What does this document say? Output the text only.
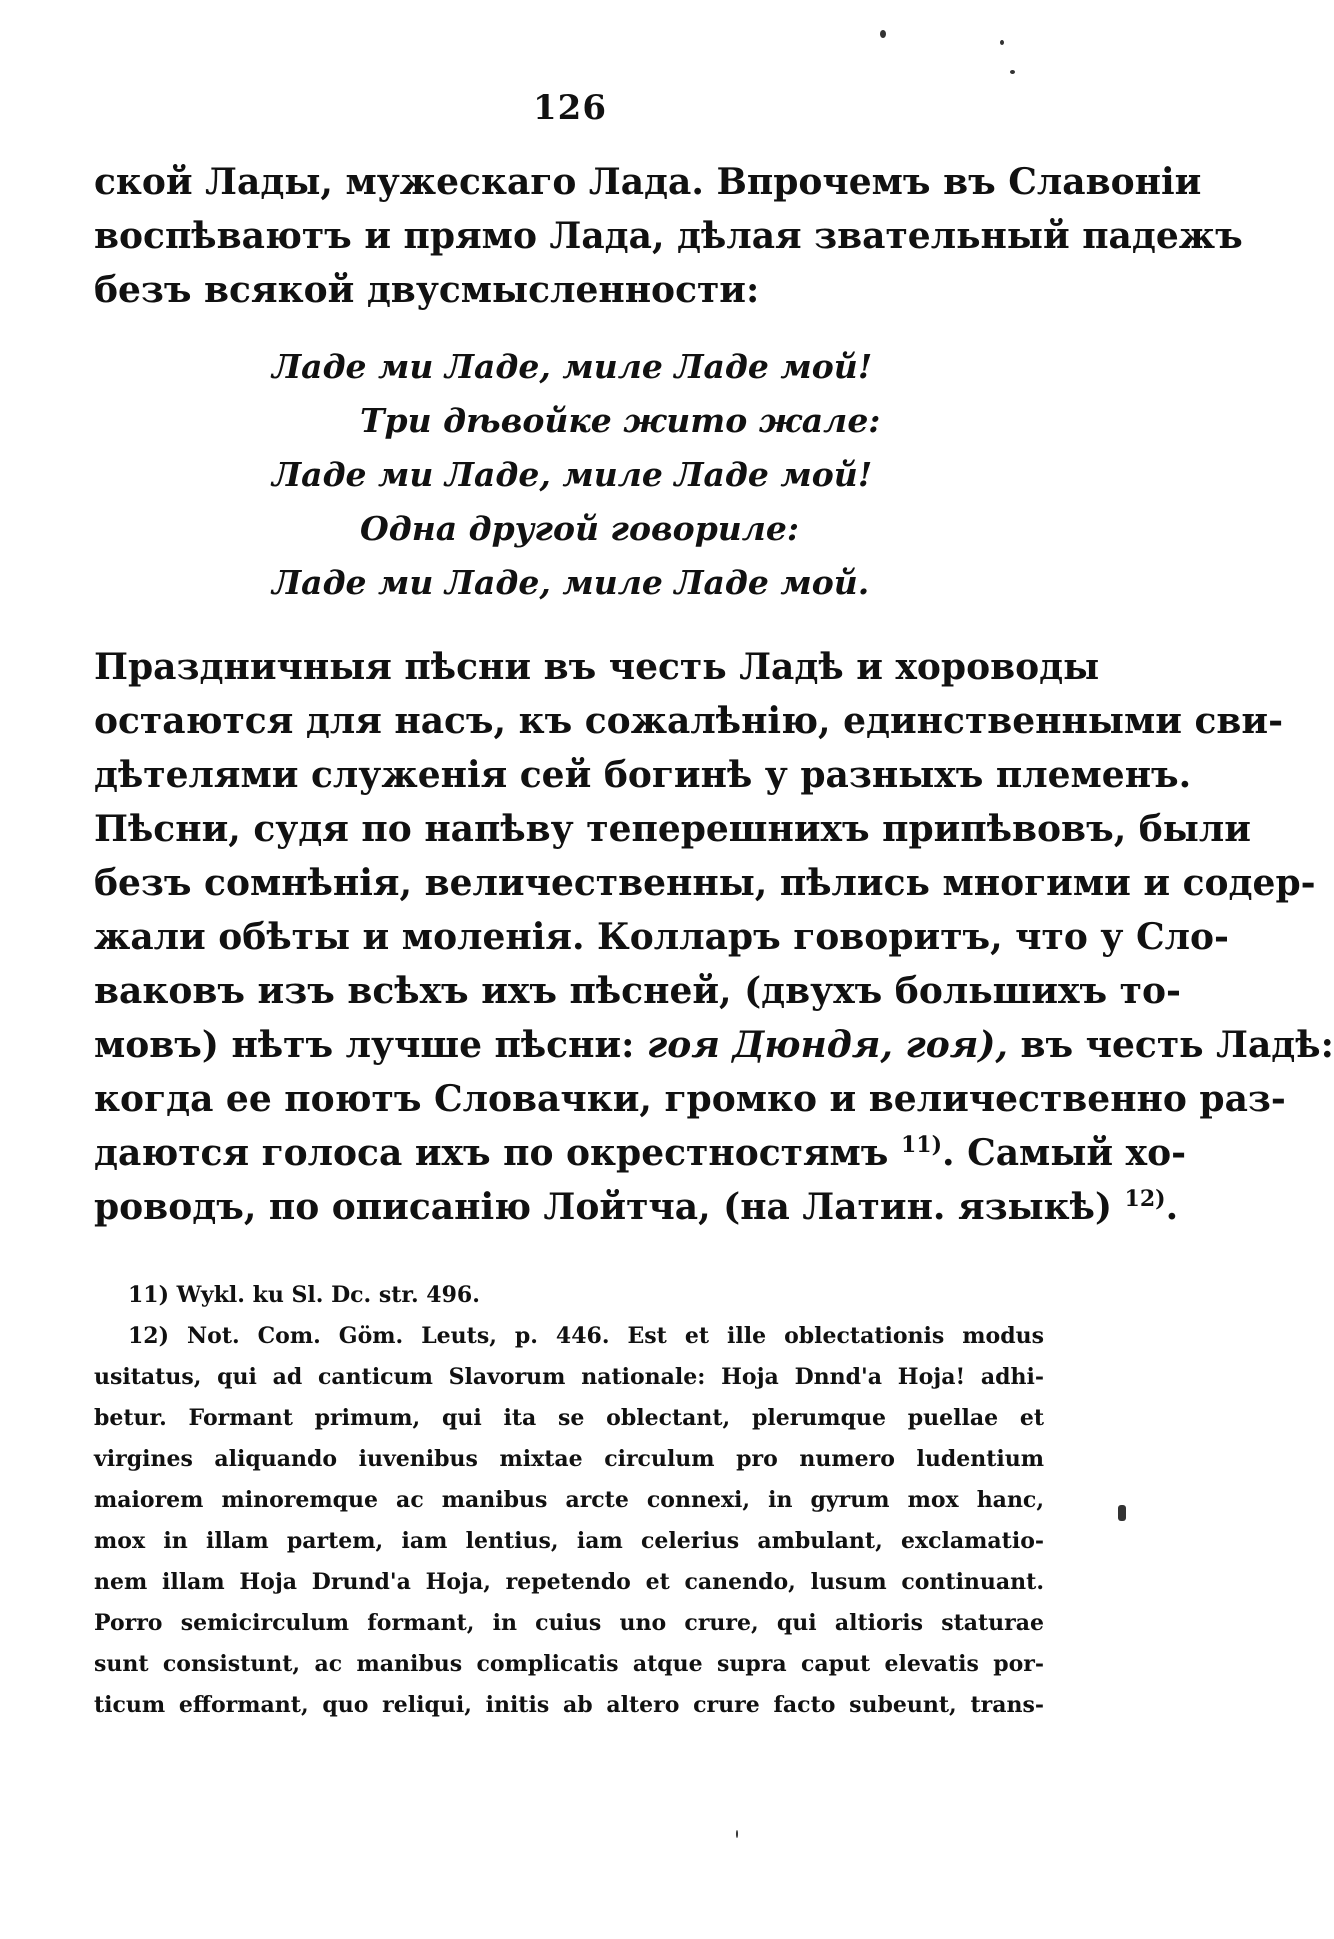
126
ской Лады, мужескаго Лада. Впрочемъ въ Славоніи
воспѣваютъ и прямо Лада, дѣлая звательный падежъ
безъ всякой двусмысленности:
Ладе ми Ладе, миле Ладе мой!
Три дѣвойке жито жале:
Ладе ми Ладе, миле Ладе мой!
Одна другой говориле:
Ладе ми Ладе, миле Ладе мой.
Праздничныя пѣсни въ честь Ладѣ и хороводы
остаются для насъ, къ сожалѣнію, единственными сви-
дѣтелями служенія сей богинѣ у разныхъ племенъ.
Пѣсни, судя по напѣву теперешнихъ припѣвовъ, были
безъ сомнѣнія, величественны, пѣлись многими и содер-
жали обѣты и моленія. Колларъ говоритъ, что у Сло-
ваковъ изъ всѣхъ ихъ пѣсней, (двухъ большихъ то-
мовъ) нѣтъ лучше пѣсни: гоя Дюндя, гоя), въ честь Ладѣ:
когда ее поютъ Словачки, громко и величественно раз-
даются голоса ихъ по окрестностямъ $^{11)}$. Самый хо-
роводъ, по описанію Лойтча, (на Латин. языкѣ) $^{12)}$.
11) Wykl. ku Sl. Dc. str. 496.
12) Not. Com. Göm. Leuts, p. 446. Est et ille oblectationis modus
usitatus, qui ad canticum Slavorum nationale: Hoja Dnnd'a Hoja! adhi-
betur. Formant primum, qui ita se oblectant, plerumque puellae et
virgines aliquando iuvenibus mixtae circulum pro numero ludentium
maiorem minoremque ac manibus arcte connexi, in gyrum mox hanc,
mox in illam partem, iam lentius, iam celerius ambulant, exclamatio-
nem illam Hoja Drund'a Hoja, repetendo et canendo, lusum continuant.
Porro semicirculum formant, in cuius uno crure, qui altioris staturae
sunt consistunt, ac manibus complicatis atque supra caput elevatis por-
ticum efformant, quo reliqui, initis ab altero crure facto subeunt, trans-
